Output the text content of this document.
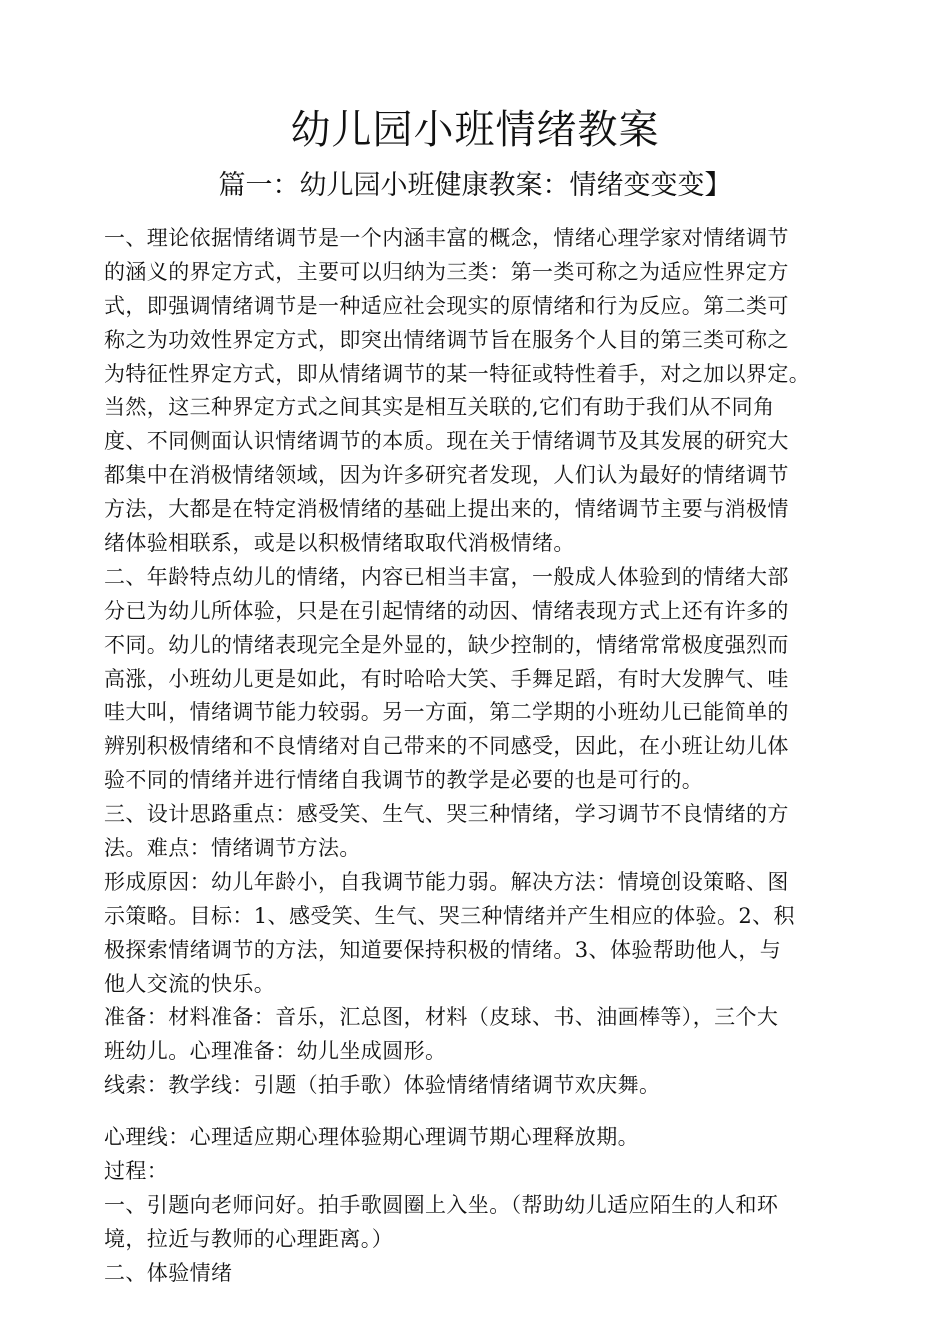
幼儿园小班情绪教案
篇一：幼儿园小班健康教案：情绪变变变】
一、理论依据情绪调节是一个内涵丰富的概念，情绪心理学家对情绪调节
的涵义的界定方式，主要可以归纳为三类：第一类可称之为适应性界定方
式，即强调情绪调节是一种适应社会现实的原情绪和行为反应。第二类可
称之为功效性界定方式，即突出情绪调节旨在服务个人目的第三类可称之
为特征性界定方式，即从情绪调节的某一特征或特性着手，对之加以界定。
当然，这三种界定方式之间其实是相互关联的,它们有助于我们从不同角
度、不同侧面认识情绪调节的本质。现在关于情绪调节及其发展的研究大
都集中在消极情绪领域，因为许多研究者发现，人们认为最好的情绪调节
方法，大都是在特定消极情绪的基础上提出来的，情绪调节主要与消极情
绪体验相联系，或是以积极情绪取取代消极情绪。
二、年龄特点幼儿的情绪，内容已相当丰富，一般成人体验到的情绪大部
分已为幼儿所体验，只是在引起情绪的动因、情绪表现方式上还有许多的
不同。幼儿的情绪表现完全是外显的，缺少控制的，情绪常常极度强烈而
高涨，小班幼儿更是如此，有时哈哈大笑、手舞足蹈，有时大发脾气、哇
哇大叫，情绪调节能力较弱。另一方面，第二学期的小班幼儿已能简单的
辨别积极情绪和不良情绪对自己带来的不同感受，因此，在小班让幼儿体
验不同的情绪并进行情绪自我调节的教学是必要的也是可行的。
三、设计思路重点：感受笑、生气、哭三种情绪，学习调节不良情绪的方
法。难点：情绪调节方法。
形成原因：幼儿年龄小，自我调节能力弱。解决方法：情境创设策略、图
示策略。目标：1、感受笑、生气、哭三种情绪并产生相应的体验。2、积
极探索情绪调节的方法，知道要保持积极的情绪。3、体验帮助他人，与
他人交流的快乐。
准备：材料准备：音乐，汇总图，材料（皮球、书、油画棒等），三个大
班幼儿。心理准备：幼儿坐成圆形。
线索：教学线：引题（拍手歌）体验情绪情绪调节欢庆舞。
心理线：心理适应期心理体验期心理调节期心理释放期。
过程：
一、引题向老师问好。拍手歌圆圈上入坐。（帮助幼儿适应陌生的人和环
境，拉近与教师的心理距离。）
二、体验情绪
